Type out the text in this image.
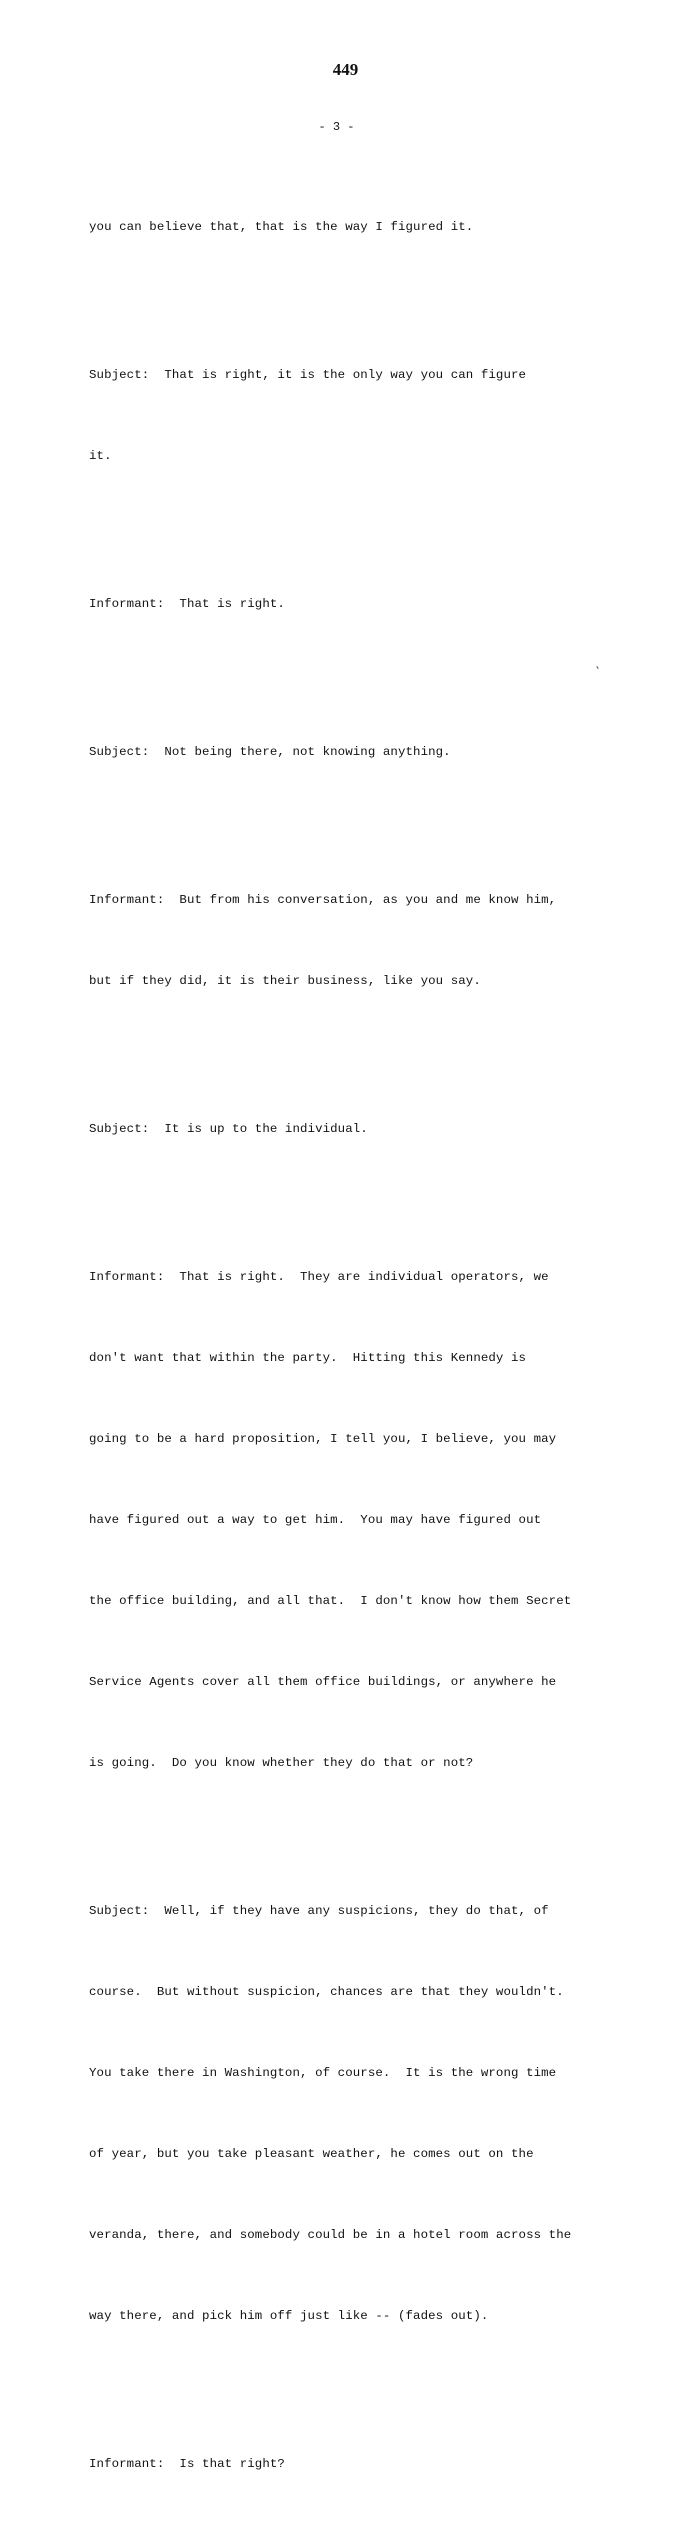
449
- 3 -

you can believe that, that is the way I figured it.

Subject:  That is right, it is the only way you can figure

it.

Informant:  That is right.

Subject:  Not being there, not knowing anything.

Informant:  But from his conversation, as you and me know him,

but if they did, it is their business, like you say.

Subject:  It is up to the individual.

Informant:  That is right.  They are individual operators, we

don't want that within the party.  Hitting this Kennedy is

going to be a hard proposition, I tell you, I believe, you may

have figured out a way to get him.  You may have figured out

the office building, and all that.  I don't know how them Secret

Service Agents cover all them office buildings, or anywhere he

is going.  Do you know whether they do that or not?

Subject:  Well, if they have any suspicions, they do that, of

course.  But without suspicion, chances are that they wouldn't.

You take there in Washington, of course.  It is the wrong time

of year, but you take pleasant weather, he comes out on the

veranda, there, and somebody could be in a hotel room across the

way there, and pick him off just like -- (fades out).

Informant:  Is that right?
